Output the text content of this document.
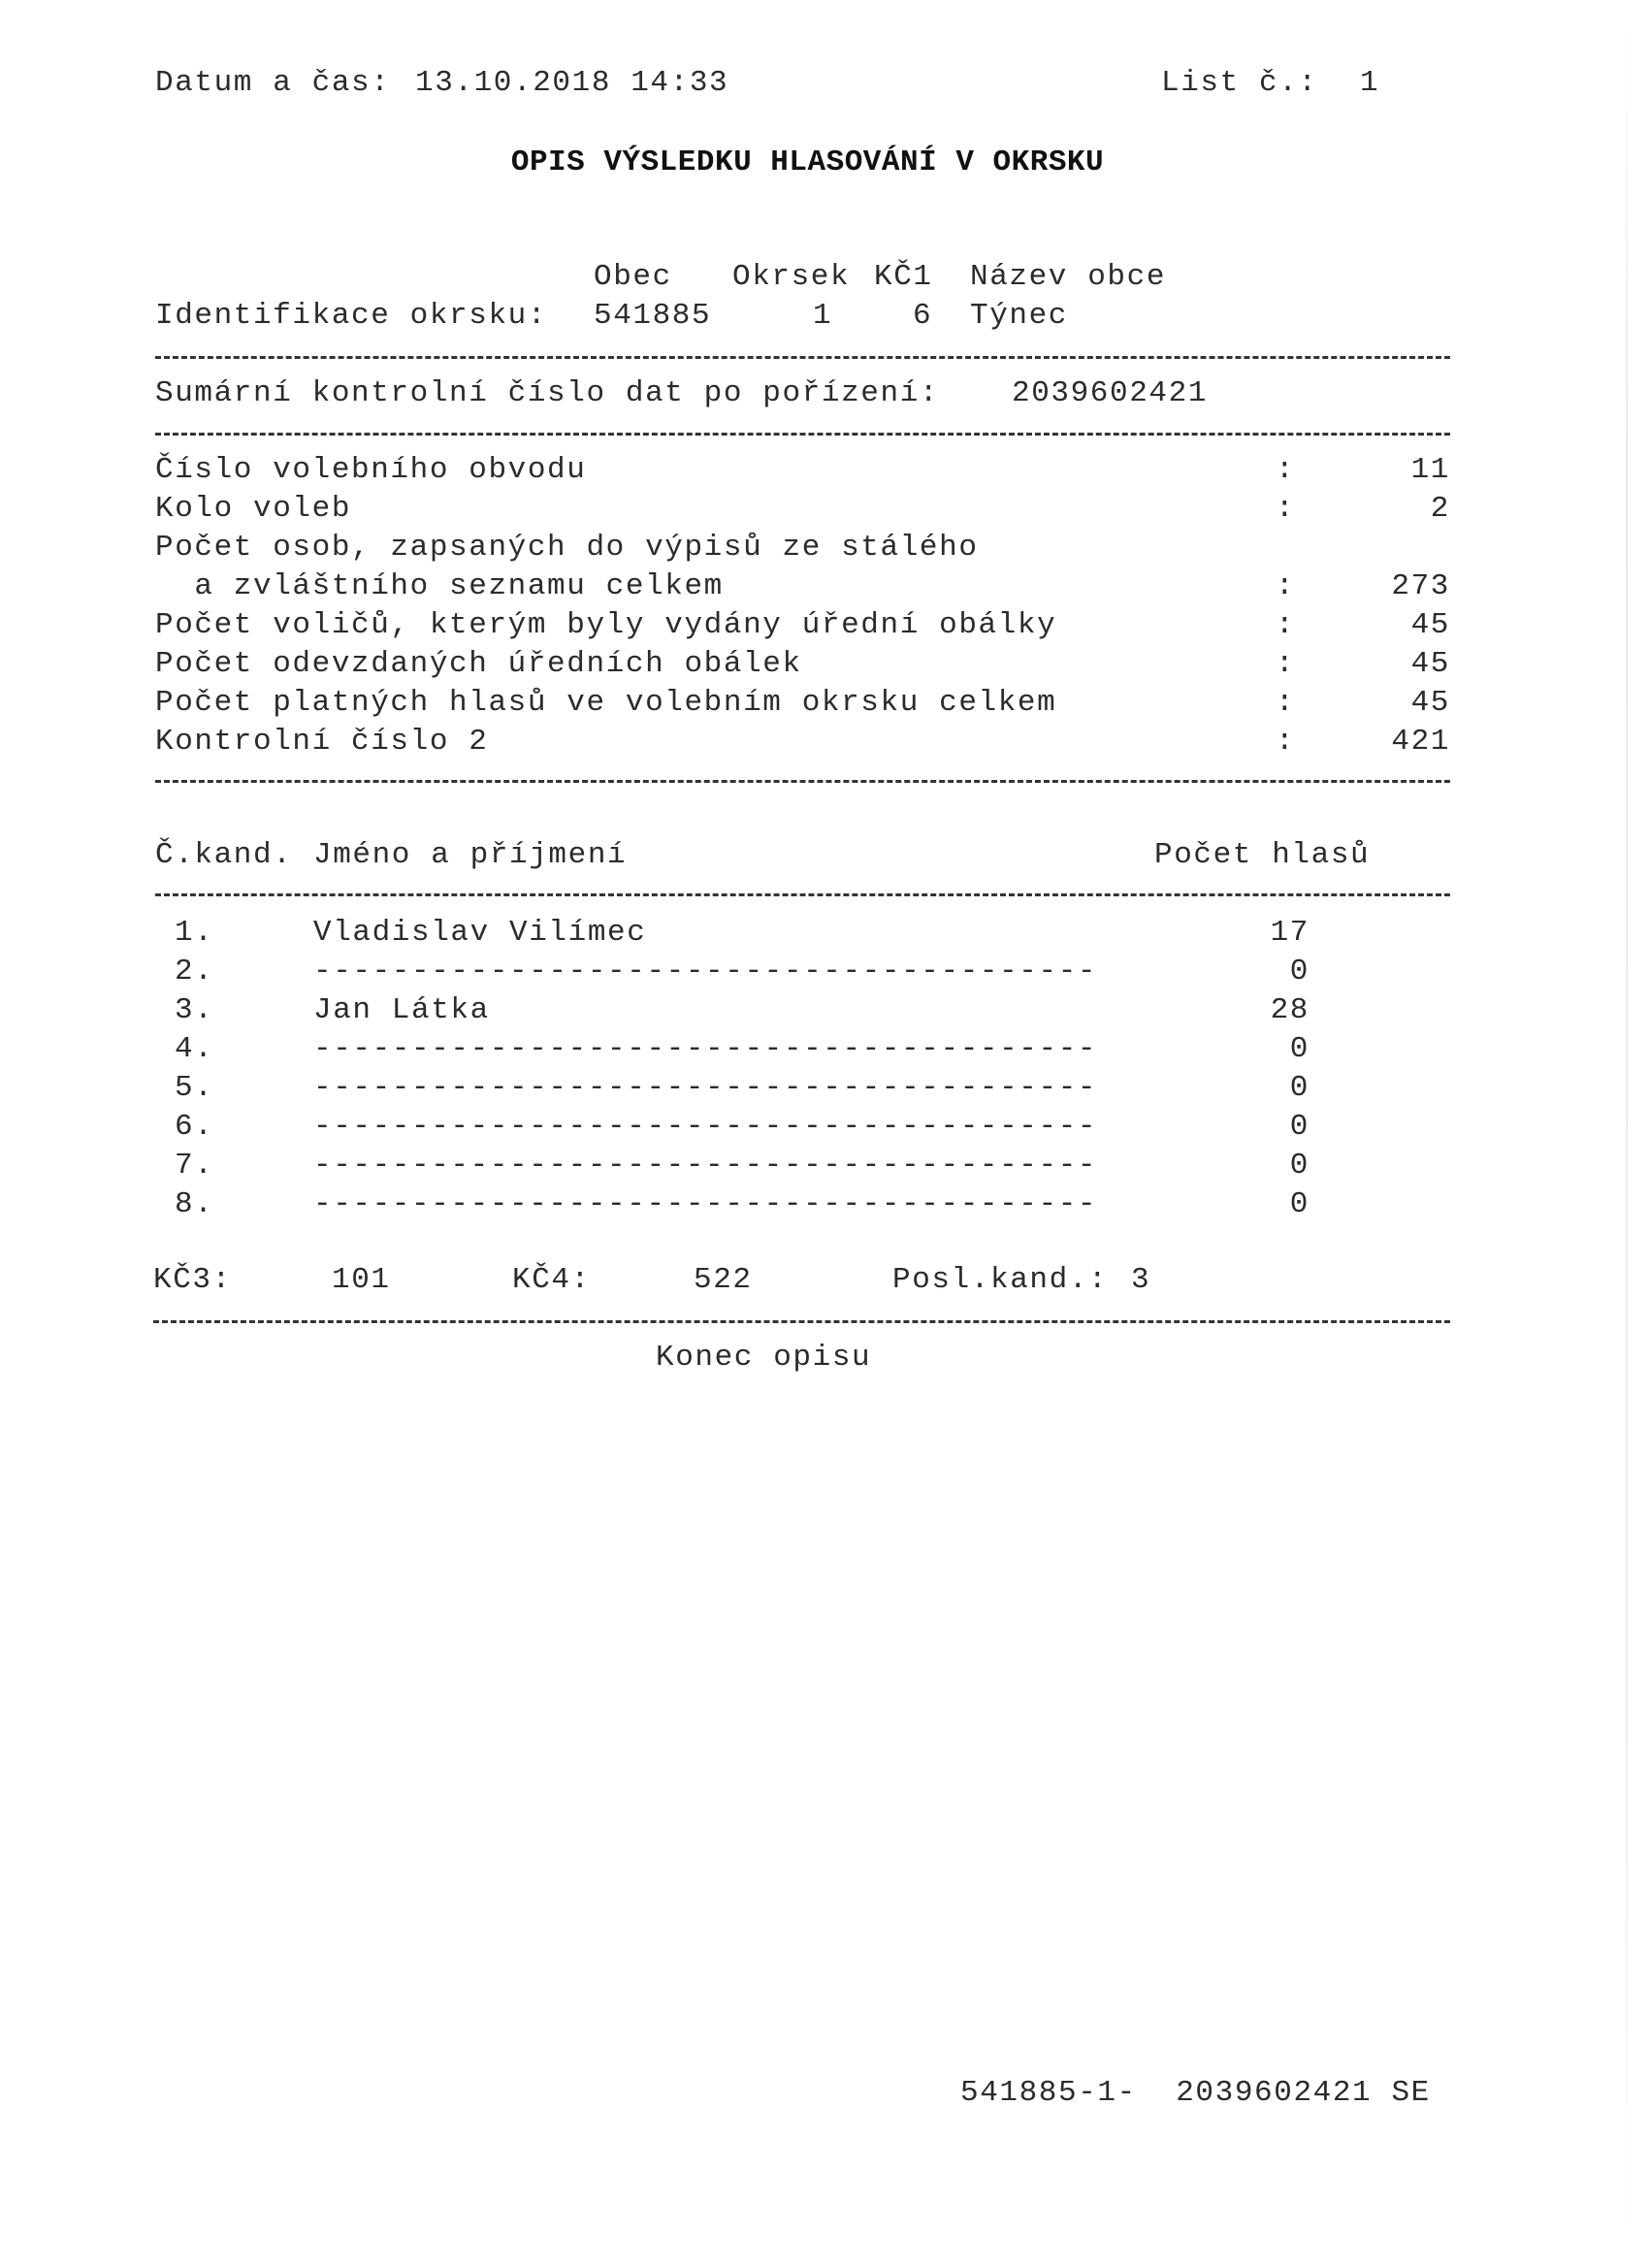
Datum a čas: 13.10.2018 14:33	List č.: 1
OPIS VÝSLEDKU HLASOVÁNÍ V OKRSKU
Obec Okrsek KČ1 Název obce
Identifikace okrsku: 541885	1	6 Týnec
Sumární kontrolní číslo dat po pořízení: 2039602421
Číslo volebního obvodu	:	11
Kolo voleb	:	2
Počet osob, zapsaných do výpisů ze stálého
a zvláštního seznamu celkem	:	273
Počet voličů, kterým byly vydány úřední obálky	:	45
Počet odevzdaných úředních obálek	:	45
Počet platných hlasů ve volebním okrsku celkem	:	45
Kontrolní číslo 2	:	421
Č.kand. Jméno a příjmení	Počet hlasů
1.	Vladislav Vilímec	17
2.	----------------------------------------	0
3.	Jan Látka	28
4.	----------------------------------------	0
5.	----------------------------------------	0
6.	----------------------------------------	0
7.	----------------------------------------	0
8.	----------------------------------------	0
KČ3:	101	KČ4:	522	Posl.kand.: 3
Konec opisu
541885-1-  2039602421 SE
